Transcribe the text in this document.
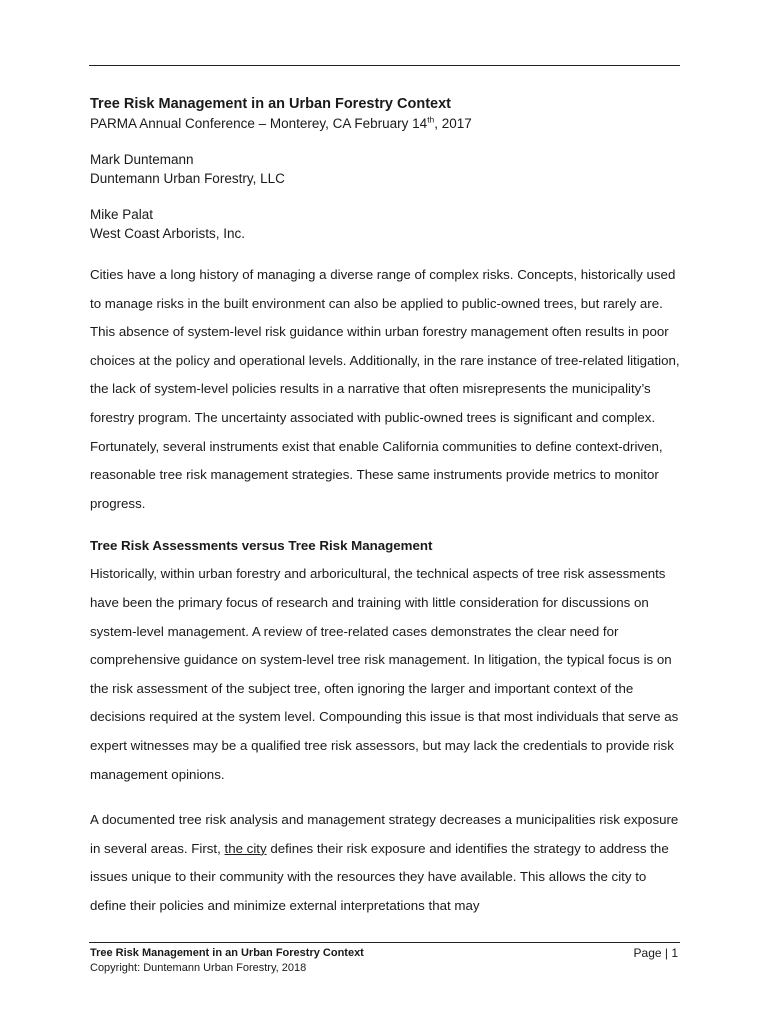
Tree Risk Management in an Urban Forestry Context

PARMA Annual Conference – Monterey, CA February 14th, 2017

Mark Duntemann
Duntemann Urban Forestry, LLC
Mike Palat
West Coast Arborists, Inc.

Cities have a long history of managing a diverse range of complex risks. Concepts, historically used to manage risks in the built environment can also be applied to public-owned trees, but rarely are. This absence of system-level risk guidance within urban forestry management often results in poor choices at the policy and operational levels. Additionally, in the rare instance of tree-related litigation, the lack of system-level policies results in a narrative that often misrepresents the municipality’s forestry program. The uncertainty associated with public-owned trees is significant and complex. Fortunately, several instruments exist that enable California communities to define context-driven, reasonable tree risk management strategies. These same instruments provide metrics to monitor progress.

Tree Risk Assessments versus Tree Risk Management

Historically, within urban forestry and arboricultural, the technical aspects of tree risk assessments have been the primary focus of research and training with little consideration for discussions on system-level management. A review of tree-related cases demonstrates the clear need for comprehensive guidance on system-level tree risk management. In litigation, the typical focus is on the risk assessment of the subject tree, often ignoring the larger and important context of the decisions required at the system level. Compounding this issue is that most individuals that serve as expert witnesses may be a qualified tree risk assessors, but may lack the credentials to provide risk management opinions.

A documented tree risk analysis and management strategy decreases a municipalities risk exposure in several areas. First, the city defines their risk exposure and identifies the strategy to address the issues unique to their community with the resources they have available. This allows the city to define their policies and minimize external interpretations that may

Tree Risk Management in an Urban Forestry Context
Copyright: Duntemann Urban Forestry, 2018
Page | 1
